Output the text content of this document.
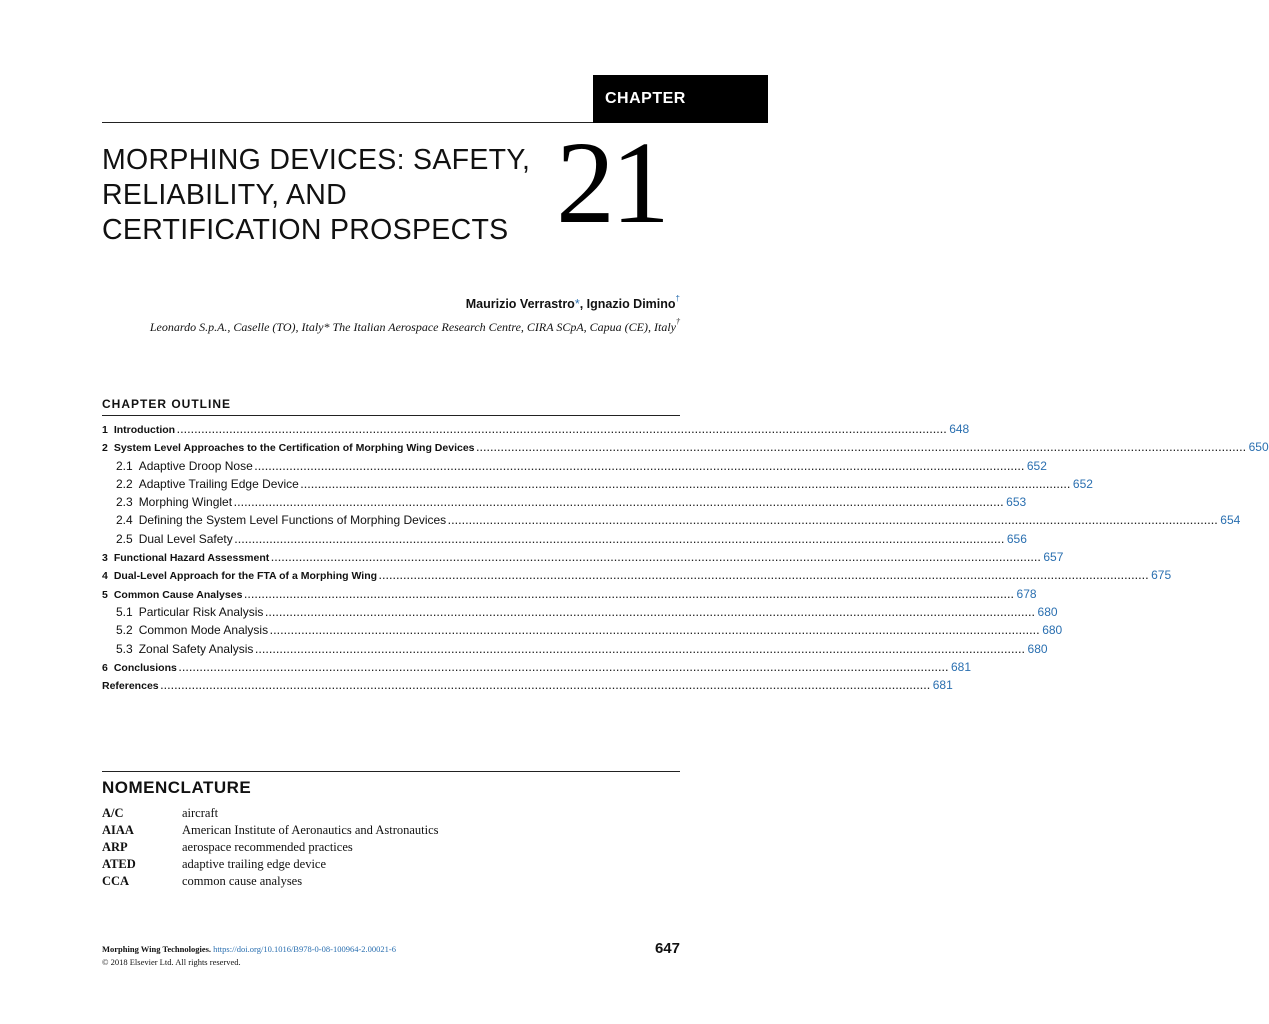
CHAPTER
MORPHING DEVICES: SAFETY,
RELIABILITY, AND
CERTIFICATION PROSPECTS 21
Maurizio Verrastro*, Ignazio Dimino†
Leonardo S.p.A., Caselle (TO), Italy* The Italian Aerospace Research Centre, CIRA SCpA, Capua (CE), Italy†
CHAPTER OUTLINE
1 Introduction ............................................................................................................................................................................................................................ 648
2 System Level Approaches to the Certification of Morphing Wing Devices ............................................................................................................................................................................................................................ 650
2.1 Adaptive Droop Nose ............................................................................................................................................................................................................................ 652
2.2 Adaptive Trailing Edge Device ............................................................................................................................................................................................................................ 652
2.3 Morphing Winglet ............................................................................................................................................................................................................................ 653
2.4 Defining the System Level Functions of Morphing Devices ............................................................................................................................................................................................................................ 654
2.5 Dual Level Safety ............................................................................................................................................................................................................................ 656
3 Functional Hazard Assessment ............................................................................................................................................................................................................................ 657
4 Dual-Level Approach for the FTA of a Morphing Wing ............................................................................................................................................................................................................................ 675
5 Common Cause Analyses ............................................................................................................................................................................................................................ 678
5.1 Particular Risk Analysis ............................................................................................................................................................................................................................ 680
5.2 Common Mode Analysis ............................................................................................................................................................................................................................ 680
5.3 Zonal Safety Analysis ............................................................................................................................................................................................................................ 680
6 Conclusions ............................................................................................................................................................................................................................ 681
References ............................................................................................................................................................................................................................ 681
NOMENCLATURE
A/C	aircraft
AIAA	American Institute of Aeronautics and Astronautics
ARP	aerospace recommended practices
ATED	adaptive trailing edge device
CCA	common cause analyses
Morphing Wing Technologies. https://doi.org/10.1016/B978-0-08-100964-2.00021-6
© 2018 Elsevier Ltd. All rights reserved.
647
